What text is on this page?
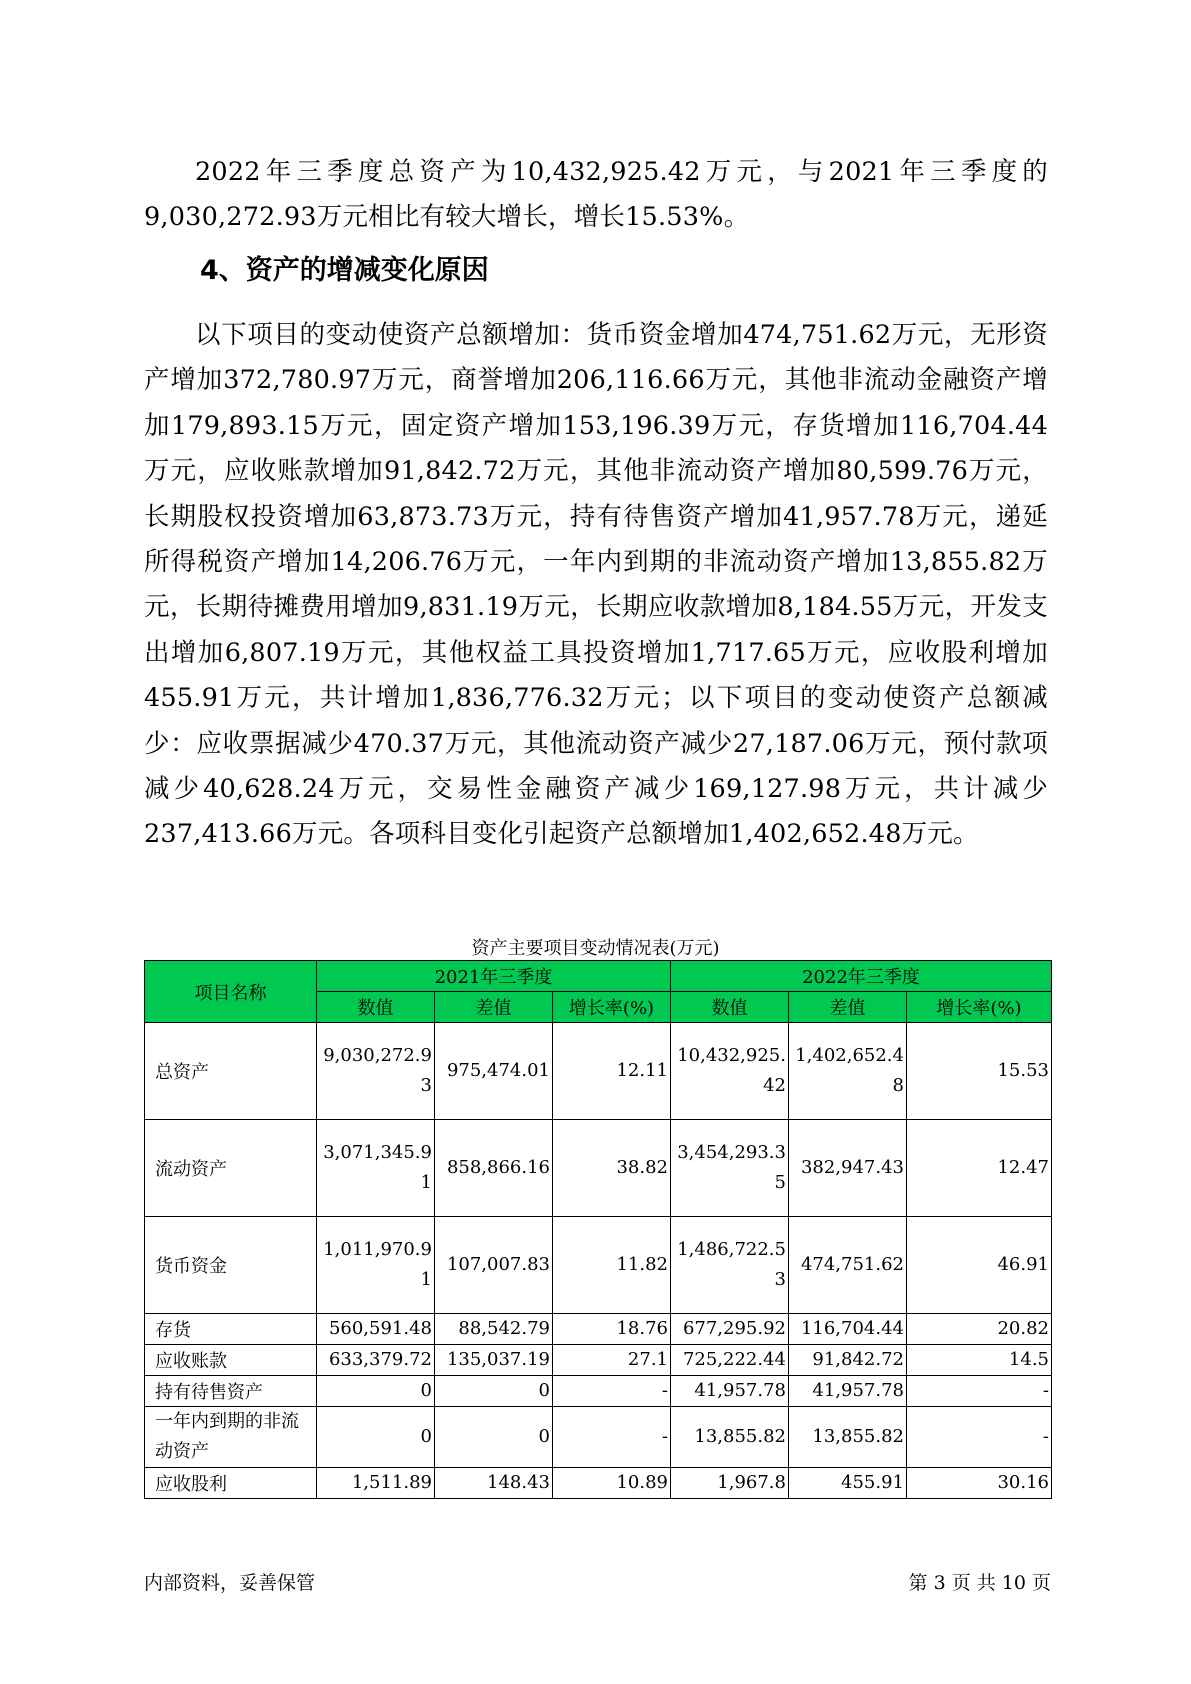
2022年三季度总资产为10,432,925.42万元，与2021年三季度的9,030,272.93万元相比有较大增长，增长15.53%。

4、资产的增减变化原因

以下项目的变动使资产总额增加：货币资金增加474,751.62万元，无形资产增加372,780.97万元，商誉增加206,116.66万元，其他非流动金融资产增加179,893.15万元，固定资产增加153,196.39万元，存货增加116,704.44万元，应收账款增加91,842.72万元，其他非流动资产增加80,599.76万元，长期股权投资增加63,873.73万元，持有待售资产增加41,957.78万元，递延所得税资产增加14,206.76万元，一年内到期的非流动资产增加13,855.82万元，长期待摊费用增加9,831.19万元，长期应收款增加8,184.55万元，开发支出增加6,807.19万元，其他权益工具投资增加1,717.65万元，应收股利增加455.91万元，共计增加1,836,776.32万元；以下项目的变动使资产总额减少：应收票据减少470.37万元，其他流动资产减少27,187.06万元，预付款项减少40,628.24万元，交易性金融资产减少169,127.98万元，共计减少237,413.66万元。各项科目变化引起资产总额增加1,402,652.48万元。

资产主要项目变动情况表(万元)

项目名称	2021年三季度			2022年三季度		
	数值	差值	增长率(%)	数值	差值	增长率(%)
总资产	9,030,272.93	975,474.01	12.11	10,432,925.42	1,402,652.48	15.53
流动资产	3,071,345.91	858,866.16	38.82	3,454,293.35	382,947.43	12.47
货币资金	1,011,970.91	107,007.83	11.82	1,486,722.53	474,751.62	46.91
存货	560,591.48	88,542.79	18.76	677,295.92	116,704.44	20.82
应收账款	633,379.72	135,037.19	27.1	725,222.44	91,842.72	14.5
持有待售资产	0	0	-	41,957.78	41,957.78	-
一年内到期的非流动资产	0	0	-	13,855.82	13,855.82	-
应收股利	1,511.89	148.43	10.89	1,967.8	455.91	30.16
内部资料，妥善保管	第 3 页 共 10 页
